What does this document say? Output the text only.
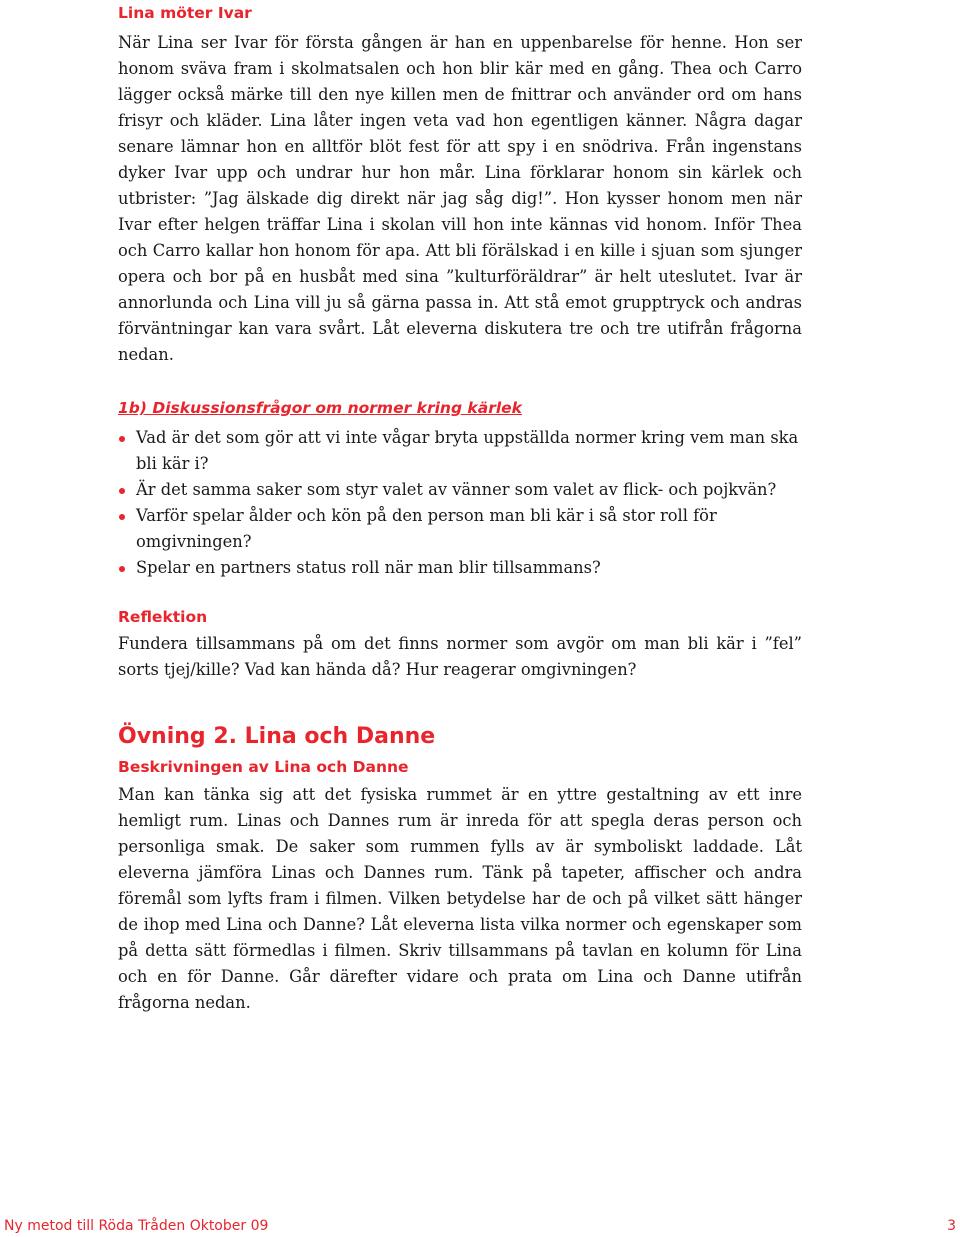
Lina möter Ivar

När Lina ser Ivar för första gången är han en uppenbarelse för henne. Hon ser honom sväva fram i skolmatsalen och hon blir kär med en gång. Thea och Carro lägger också märke till den nye killen men de fnittrar och använder ord om hans frisyr och kläder. Lina låter ingen veta vad hon egentligen känner. Några dagar senare lämnar hon en alltför blöt fest för att spy i en snödriva. Från ingenstans dyker Ivar upp och undrar hur hon mår. Lina förklarar honom sin kärlek och utbrister: ”Jag älskade dig direkt när jag såg dig!”. Hon kysser honom men när Ivar efter helgen träffar Lina i skolan vill hon inte kännas vid honom. Inför Thea och Carro kallar hon honom för apa. Att bli förälskad i en kille i sjuan som sjunger opera och bor på en husbåt med sina ”kulturföräldrar” är helt uteslutet. Ivar är annorlunda och Lina vill ju så gärna passa in. Att stå emot grupptryck och andras förväntningar kan vara svårt. Låt eleverna diskutera tre och tre utifrån frågorna nedan.

1b) Diskussionsfrågor om normer kring kärlek
Vad är det som gör att vi inte vågar bryta uppställda normer kring vem man ska bli kär i?
Är det samma saker som styr valet av vänner som valet av flick- och pojkvän?
Varför spelar ålder och kön på den person man bli kär i så stor roll för omgivningen?
Spelar en partners status roll när man blir tillsammans?
Reflektion

Fundera tillsammans på om det finns normer som avgör om man bli kär i ”fel” sorts tjej/kille? Vad kan hända då? Hur reagerar omgivningen?

Övning 2. Lina och Danne
Beskrivningen av Lina och Danne

Man kan tänka sig att det fysiska rummet är en yttre gestaltning av ett inre hemligt rum. Linas och Dannes rum är inreda för att spegla deras person och personliga smak. De saker som rummen fylls av är symboliskt laddade. Låt eleverna jämföra Linas och Dannes rum. Tänk på tapeter, affischer och andra föremål som lyfts fram i filmen. Vilken betydelse har de och på vilket sätt hänger de ihop med Lina och Danne? Låt eleverna lista vilka normer och egenskaper som på detta sätt förmedlas i filmen. Skriv tillsammans på tavlan en kolumn för Lina och en för Danne. Går därefter vidare och prata om Lina och Danne utifrån frågorna nedan.

Ny metod till Röda Tråden Oktober 09	3
